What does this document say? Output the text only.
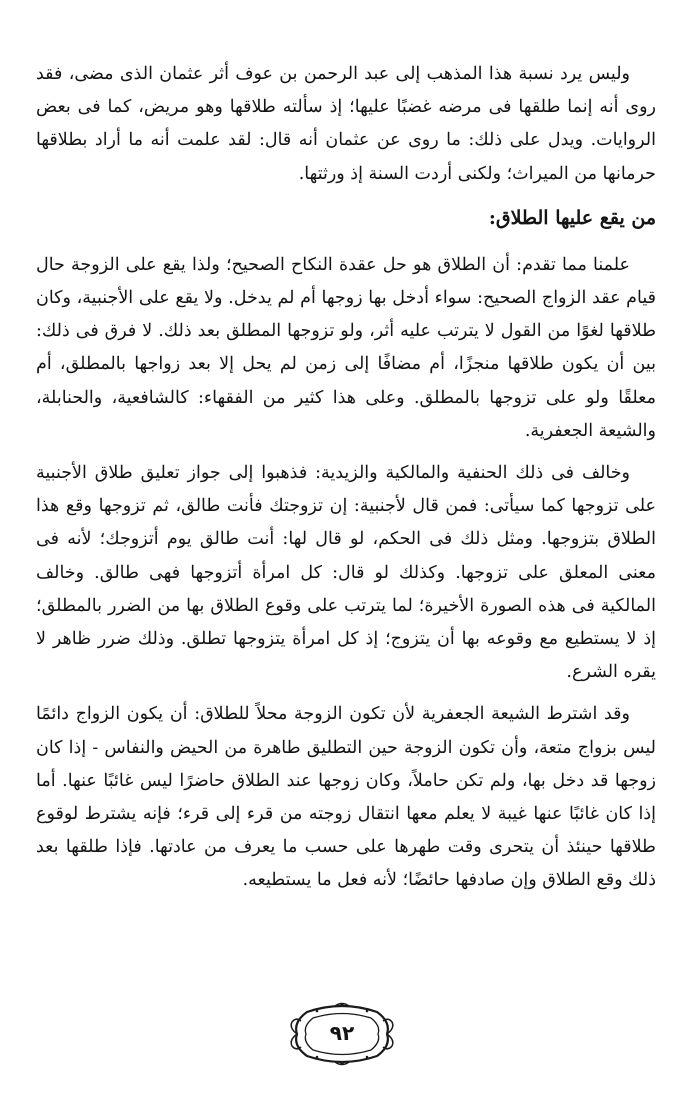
وليس يرد نسبة هذا المذهب إلى عبد الرحمن بن عوف أثر عثمان الذى مضى، فقد روى أنه إنما طلقها فى مرضه غضبًا عليها؛ إذ سألته طلاقها وهو مريض، كما فى بعض الروايات. ويدل على ذلك: ما روى عن عثمان أنه قال: لقد علمت أنه ما أراد بطلاقها حرمانها من الميراث؛ ولكنى أردت السنة إذ ورثتها.

من يقع عليها الطلاق:

علمنا مما تقدم: أن الطلاق هو حل عقدة النكاح الصحيح؛ ولذا يقع على الزوجة حال قيام عقد الزواج الصحيح: سواء أدخل بها زوجها أم لم يدخل. ولا يقع على الأجنبية، وكان طلاقها لغوًا من القول لا يترتب عليه أثر، ولو تزوجها المطلق بعد ذلك. لا فرق فى ذلك: بين أن يكون طلاقها منجزًا، أم مضافًا إلى زمن لم يحل إلا بعد زواجها بالمطلق، أم معلقًا ولو على تزوجها بالمطلق. وعلى هذا كثير من الفقهاء: كالشافعية، والحنابلة، والشيعة الجعفرية.

وخالف فى ذلك الحنفية والمالكية والزيدية: فذهبوا إلى جواز تعليق طلاق الأجنبية على تزوجها كما سيأتى: فمن قال لأجنبية: إن تزوجتك فأنت طالق، ثم تزوجها وقع هذا الطلاق بتزوجها. ومثل ذلك فى الحكم، لو قال لها: أنت طالق يوم أتزوجك؛ لأنه فى معنى المعلق على تزوجها. وكذلك لو قال: كل امرأة أتزوجها فهى طالق. وخالف المالكية فى هذه الصورة الأخيرة؛ لما يترتب على وقوع الطلاق بها من الضرر بالمطلق؛ إذ لا يستطيع مع وقوعه بها أن يتزوج؛ إذ كل امرأة يتزوجها تطلق. وذلك ضرر ظاهر لا يقره الشرع.

وقد اشترط الشيعة الجعفرية لأن تكون الزوجة محلاً للطلاق: أن يكون الزواج دائمًا ليس بزواج متعة، وأن تكون الزوجة حين التطليق طاهرة من الحيض والنفاس - إذا كان زوجها قد دخل بها، ولم تكن حاملاً، وكان زوجها عند الطلاق حاضرًا ليس غائبًا عنها. أما إذا كان غائبًا عنها غيبة لا يعلم معها انتقال زوجته من قرء إلى قرء؛ فإنه يشترط لوقوع طلاقها حينئذ أن يتحرى وقت طهرها على حسب ما يعرف من عادتها. فإذا طلقها بعد ذلك وقع الطلاق وإن صادفها حائضًا؛ لأنه فعل ما يستطيعه.

٩٢
